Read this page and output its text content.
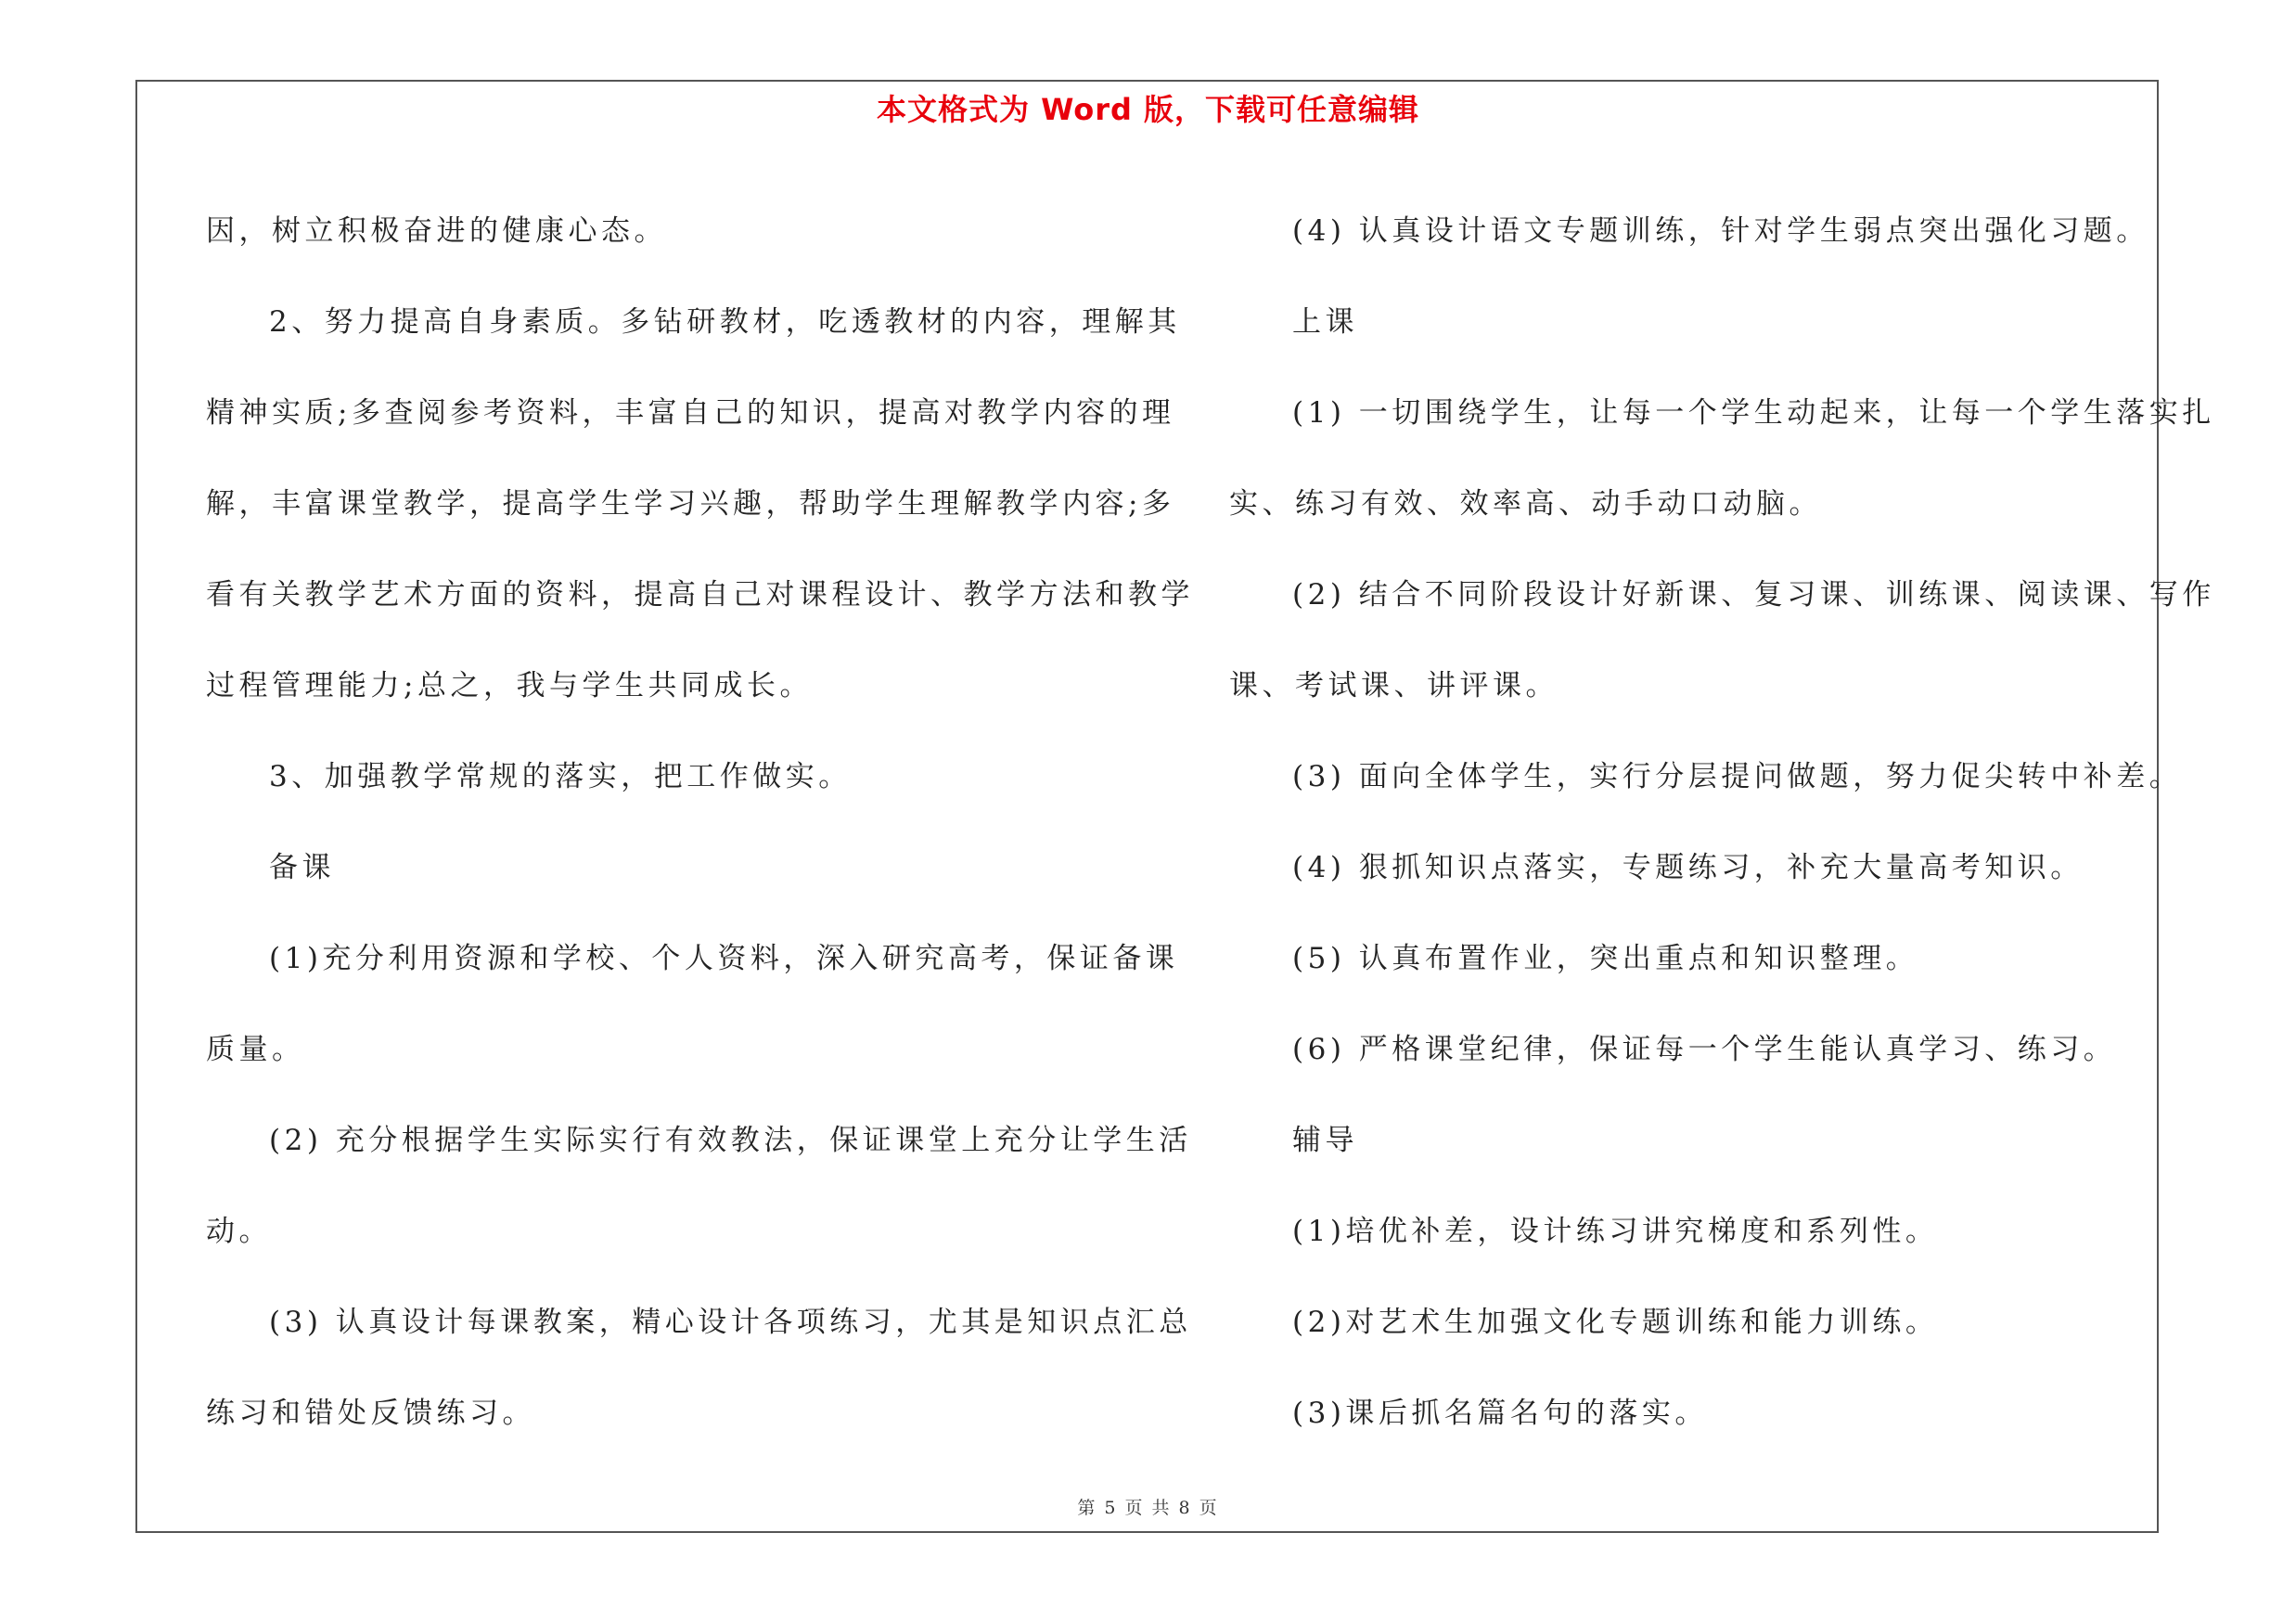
本文格式为 Word 版，下载可任意编辑

因，树立积极奋进的健康心态。

2、努力提高自身素质。多钻研教材，吃透教材的内容，理解其

精神实质;多查阅参考资料，丰富自己的知识，提高对教学内容的理

解，丰富课堂教学，提高学生学习兴趣，帮助学生理解教学内容;多

看有关教学艺术方面的资料，提高自己对课程设计、教学方法和教学

过程管理能力;总之，我与学生共同成长。

3、加强教学常规的落实，把工作做实。

备课

(1)充分利用资源和学校、个人资料，深入研究高考，保证备课

质量。

(2) 充分根据学生实际实行有效教法，保证课堂上充分让学生活

动。

(3) 认真设计每课教案，精心设计各项练习，尤其是知识点汇总

练习和错处反馈练习。

(4) 认真设计语文专题训练，针对学生弱点突出强化习题。

上课

(1) 一切围绕学生，让每一个学生动起来，让每一个学生落实扎

实、练习有效、效率高、动手动口动脑。

(2) 结合不同阶段设计好新课、复习课、训练课、阅读课、写作

课、考试课、讲评课。

(3) 面向全体学生，实行分层提问做题，努力促尖转中补差。

(4) 狠抓知识点落实，专题练习，补充大量高考知识。

(5) 认真布置作业，突出重点和知识整理。

(6) 严格课堂纪律，保证每一个学生能认真学习、练习。

辅导

(1)培优补差，设计练习讲究梯度和系列性。

(2)对艺术生加强文化专题训练和能力训练。

(3)课后抓名篇名句的落实。

第 5 页 共 8 页
